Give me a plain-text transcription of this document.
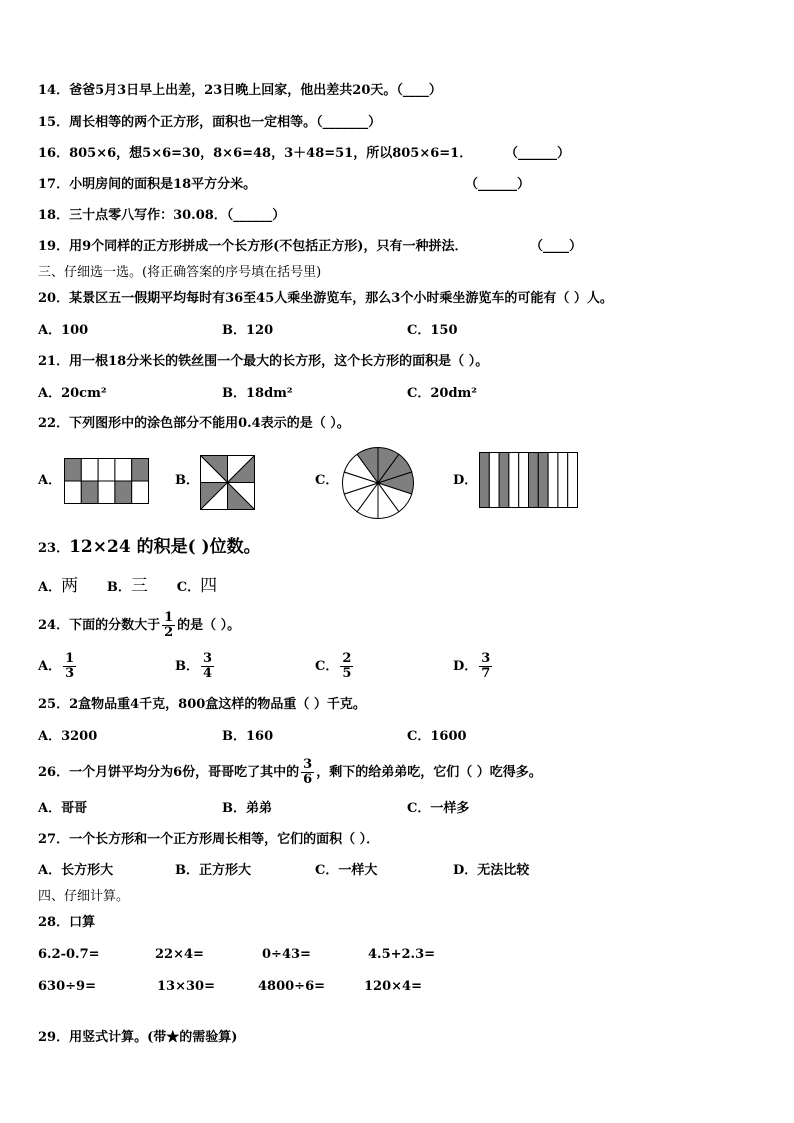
14．爸爸5月3日早上出差，23日晚上回家，他出差共20天。（____）
15．周长相等的两个正方形，面积也一定相等。（_______）
16．805×6，想5×6=30，8×6=48，3＋48=51，所以805×6=1．	（______）
17．小明房间的面积是18平方分米。	（______）
18．三十点零八写作：30.08．（______）
19．用9个同样的正方形拼成一个长方形(不包括正方形)，只有一种拼法．	（____）
三、仔细选一选。(将正确答案的序号填在括号里)
20．某景区五一假期平均每时有36至45人乘坐游览车，那么3个小时乘坐游览车的可能有（ ）人。
A．100	B．120	C．150
21．用一根18分米长的铁丝围一个最大的长方形，这个长方形的面积是（ ）。
A．20cm²	B．18dm²	C．20dm²
22．下列图形中的涂色部分不能用0.4表示的是（ ）。
A．	B．	C．	D．
23．12×24 的积是( )位数。
A．两 B．三 C．四
24．下面的分数大于 $\frac{1}{2}$ 的是（ ）。
A． $\frac{1}{3}$	B． $\frac{3}{4}$	C． $\frac{2}{5}$	D． $\frac{3}{7}$
25．2盒物品重4千克，800盒这样的物品重（ ）千克。
A．3200	B．160	C．1600
26．一个月饼平均分为6份，哥哥吃了其中的 $\frac{3}{6}$ ，剩下的给弟弟吃，它们（ ）吃得多。
A．哥哥	B．弟弟	C．一样多
27．一个长方形和一个正方形周长相等，它们的面积（ ）．
A．长方形大	B．正方形大	C．一样大	D．无法比较
四、仔细计算。
28．口算
6.2-0.7=	22×4=	0÷43=	4.5+2.3=
630÷9=	13×30=	4800÷6=	120×4=
29．用竖式计算。(带★的需验算)
